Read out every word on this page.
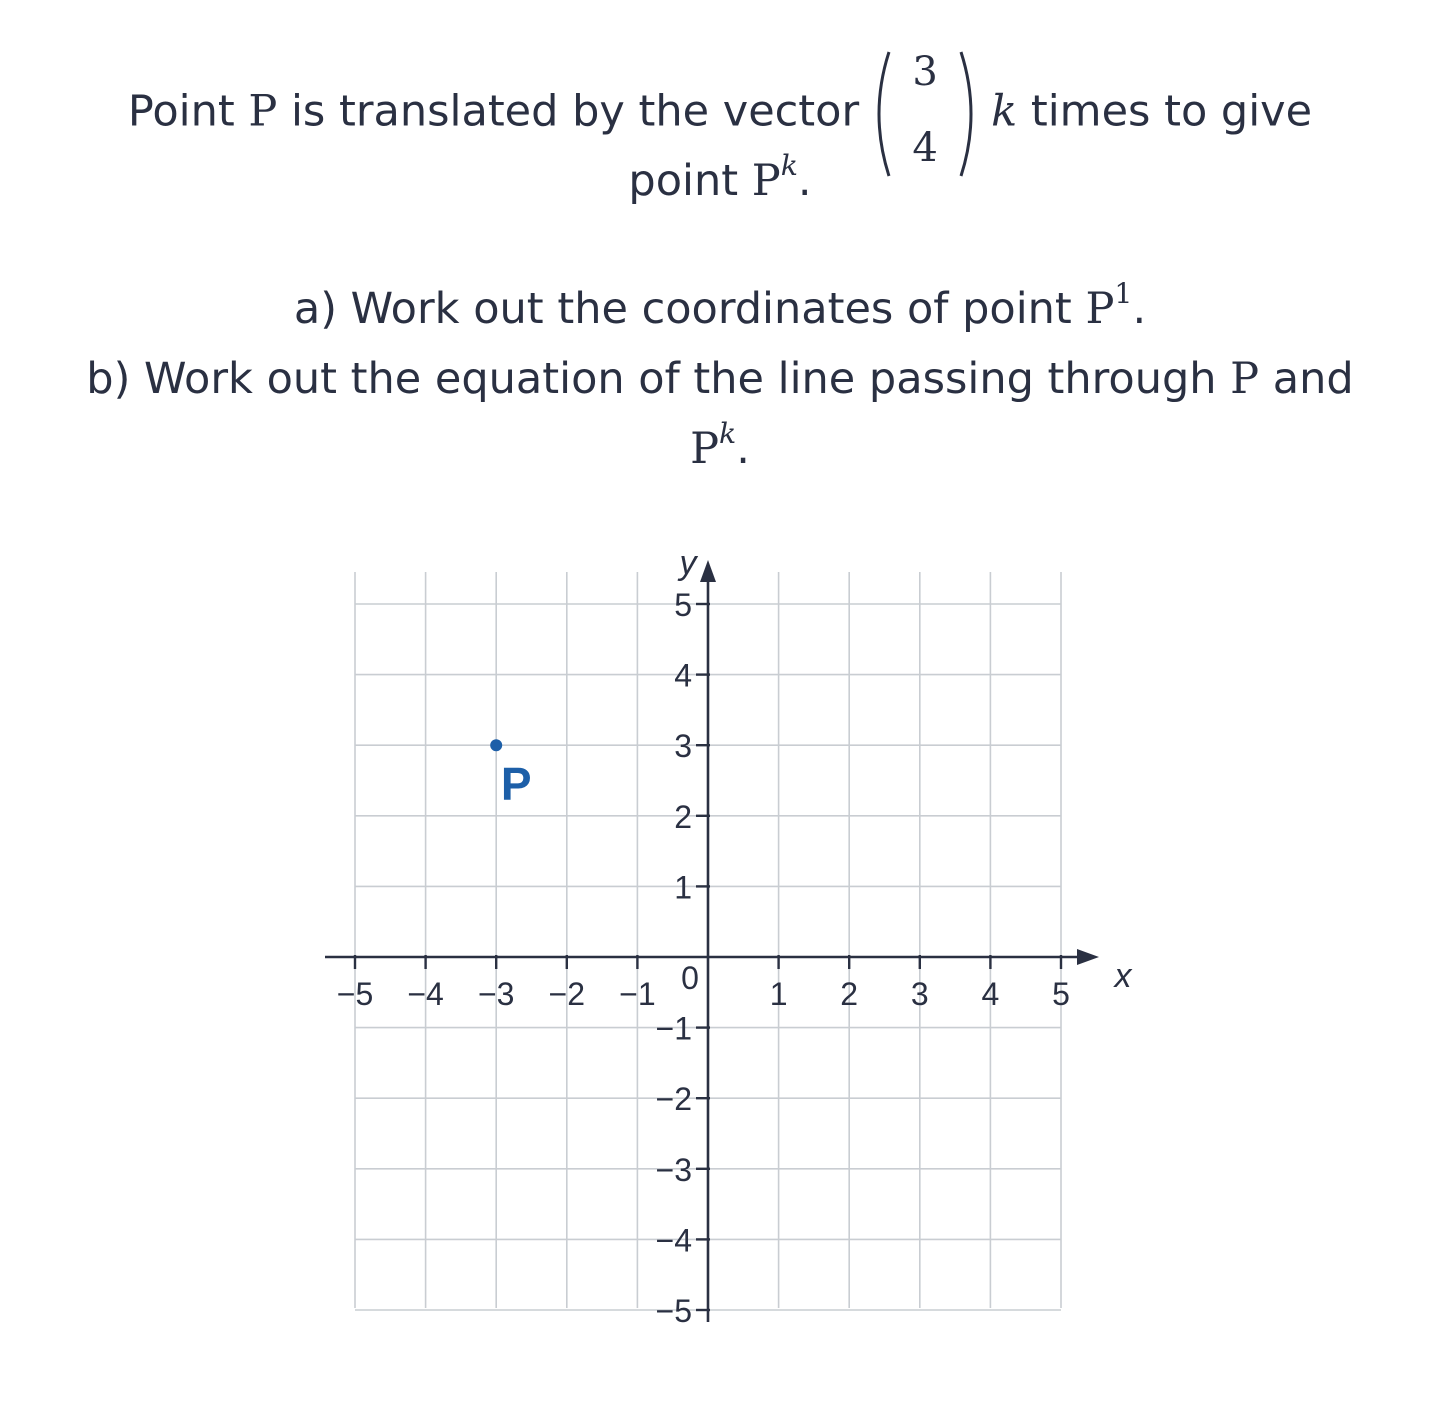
Point P is translated by the vector
3
4
k times to give
point $P^k$.
a) Work out the coordinates of point $P^1$.
b) Work out the equation of the line passing through P and
$P^k$.
−5 −4 −3 −2 −1	1 2 3 4 5
5
4
3
2
1
−1
−2
−3
−4
−5
0	x
y
P
